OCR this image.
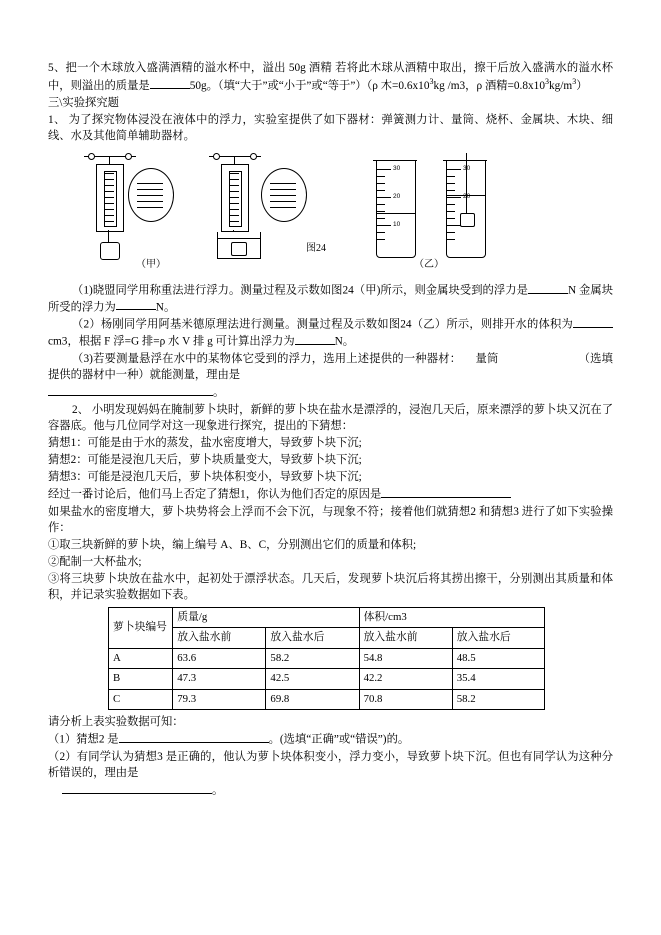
5、把一个木球放入盛满酒精的溢水杯中，溢出 50g 酒精 若将此木球从酒精中取出，擦干后放入盛满水的溢水杯中，则溢出的质量是	50g。（填“大于”或“小于”或“等于”）（ρ 木$=0.6x10^3kg$ /m3，ρ 酒精$=0.8x10^3kg/m^3$）

三\实验探究题

1、 为了探究物体浸没在液体中的浮力，实验室提供了如下器材：弹簧测力计、量筒、烧杯、金属块、木块、细线、水及其他简单辅助器材。

30
20
10
30
20
图24
（甲）	（乙）

（1)晓盟同学用称重法进行浮力。测量过程及示数如图24（甲)所示，则金属块受到的浮力是	N 金属块所受的浮力为	N。

（2）杨刚同学用阿基米德原理法进行测量。测量过程及示数如图24（乙）所示，则排开水的体积为cm3，根据 F 浮=G 排=ρ 水 V 排 g 可计算出浮力为	N。

（3)若要测量悬浮在水中的某物体它受到的浮力，选用上述提供的一种器材： 量筒	（选填提供的器材中一种）就能测量，理由是

。

2、 小明发现妈妈在腌制萝卜块时，新鲜的萝卜块在盐水是漂浮的，浸泡几天后，原来漂浮的萝卜块又沉在了容器底。他与几位同学对这一现象进行探究，提出的下猜想：

猜想1：可能是由于水的蒸发，盐水密度增大，导致萝卜块下沉;

猜想2：可能是浸泡几天后，萝卜块质量变大，导致萝卜块下沉;

猜想3：可能是浸泡几天后，萝卜块体积变小，导致萝卜块下沉;

经过一番讨论后，他们马上否定了猜想1，你认为他们否定的原因是

如果盐水的密度增大，萝卜块势将会上浮而不会下沉，与现象不符；接着他们就猜想2 和猜想3 进行了如下实验操作：

①取三块新鲜的萝卜块，编上编号 A、B、C，分别测出它们的质量和体积;

②配制一大杯盐水;

③将三块萝卜块放在盐水中，起初处于漂浮状态。几天后，发现萝卜块沉后将其捞出擦干，分别测出其质量和体积，并记录实验数据如下表。

萝卜块编号	质量/g		体积/cm3	
	放入盐水前	放入盐水后	放入盐水前	放入盐水后
A	63.6	58.2	54.8	48.5
B	47.3	42.5	42.2	35.4
C	79.3	69.8	70.8	58.2

请分析上表实验数据可知：

（1）猜想2 是	。(选填“正确”或“错误”)的。

（2）有同学认为猜想3 是正确的，他认为萝卜块体积变小，浮力变小，导致萝卜块下沉。但也有同学认为这种分析错误的，理由是

。
